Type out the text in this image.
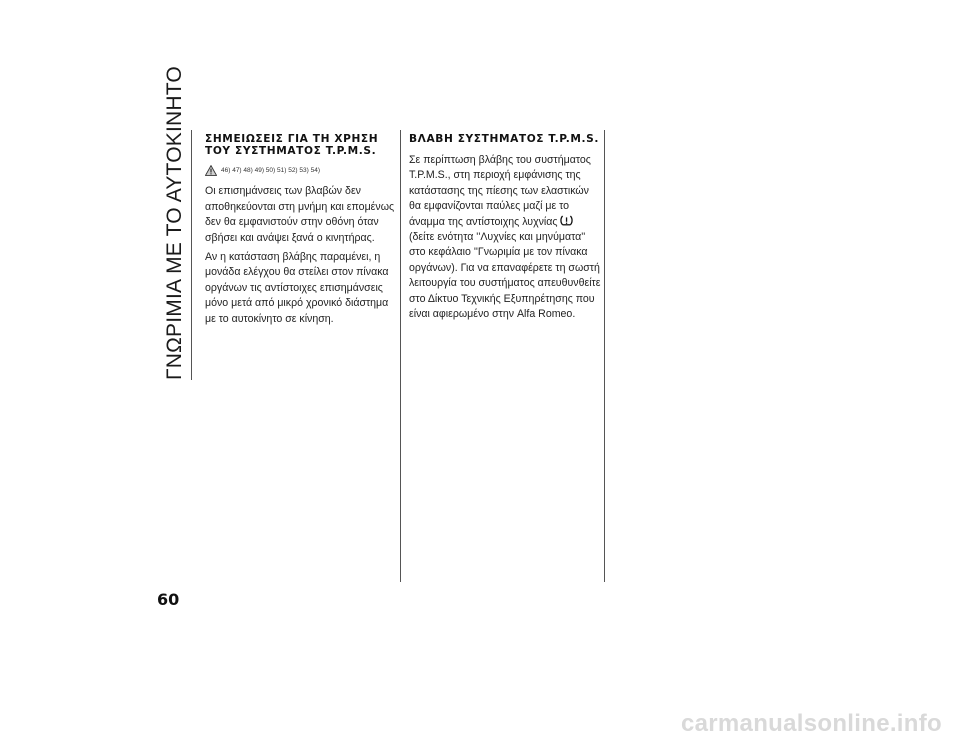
ΓΝΩΡΙΜΙΑ ΜΕ ΤΟ ΑΥΤΟΚΙΝΗΤΟ ΣΗΜΕΙΩΣΕΙΣ ΓΙΑ ΤΗ ΧΡΗΣΗ ΤΟΥ ΣΥΣΤΗΜΑΤΟΣ T.P.M.S.
46) 47) 48) 49) 50) 51) 52) 53) 54)

Οι επισημάνσεις των βλαβών δεν αποθηκεύονται στη μνήμη και επομένως δεν θα εμφανιστούν στην οθόνη όταν σβήσει και ανάψει ξανά ο κινητήρας.

Αν η κατάσταση βλάβης παραμένει, η μονάδα ελέγχου θα στείλει στον πίνακα οργάνων τις αντίστοιχες επισημάνσεις μόνο μετά από μικρό χρονικό διάστημα με το αυτοκίνητο σε κίνηση.

ΒΛΑΒΗ ΣΥΣΤΗΜΑΤΟΣ T.P.M.S.

Σε περίπτωση βλάβης του συστήματος T.P.M.S., στη περιοχή εμφάνισης της κατάστασης της πίεσης των ελαστικών θα εμφανίζονται παύλες μαζί με το άναμμα της αντίστοιχης λυχνίας  (δείτε ενότητα ''Λυχνίες και μηνύματα'' στο κεφάλαιο ''Γνωριμία με τον πίνακα οργάνων). Για να επαναφέρετε τη σωστή λειτουργία του συστήματος απευθυνθείτε στο Δίκτυο Τεχνικής Εξυπηρέτησης που είναι αφιερωμένο στην Alfa Romeo.

60
carmanualsonline.info
